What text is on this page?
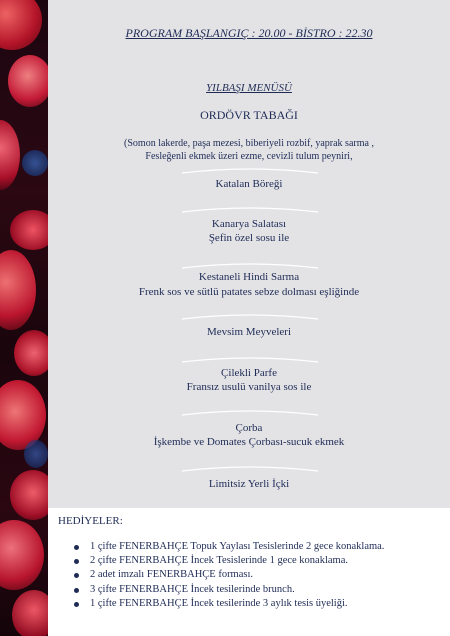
PROGRAM BAŞLANGIÇ : 20.00 - BİSTRO : 22.30
YILBAŞI MENÜSÜ
ORDÖVR TABAĞI
(Somon lakerde, paşa mezesi, biberiyeli rozbif, yaprak sarma ,
Fesleğenli ekmek üzeri ezme, cevizli tulum peyniri,
Katalan Böreği
Kanarya Salatası
Şefin özel sosu ile
Kestaneli Hindi Sarma
Frenk sos ve sütlü patates sebze dolması eşliğinde
Mevsim Meyveleri
Çilekli Parfe
Fransız usulü vanilya sos ile
Çorba
İşkembe ve Domates Çorbası-sucuk ekmek
Limitsiz Yerli İçki
HEDİYELER:
1 çifte FENERBAHÇE Topuk Yaylası Tesislerinde 2 gece konaklama.
2 çifte FENERBAHÇE İncek Tesislerinde 1 gece konaklama.
2 adet imzalı FENERBAHÇE forması.
3 çifte FENERBAHÇE İncek tesilerinde brunch.
1 çifte FENERBAHÇE İncek tesilerinde 3 aylık tesis üyeliği.
